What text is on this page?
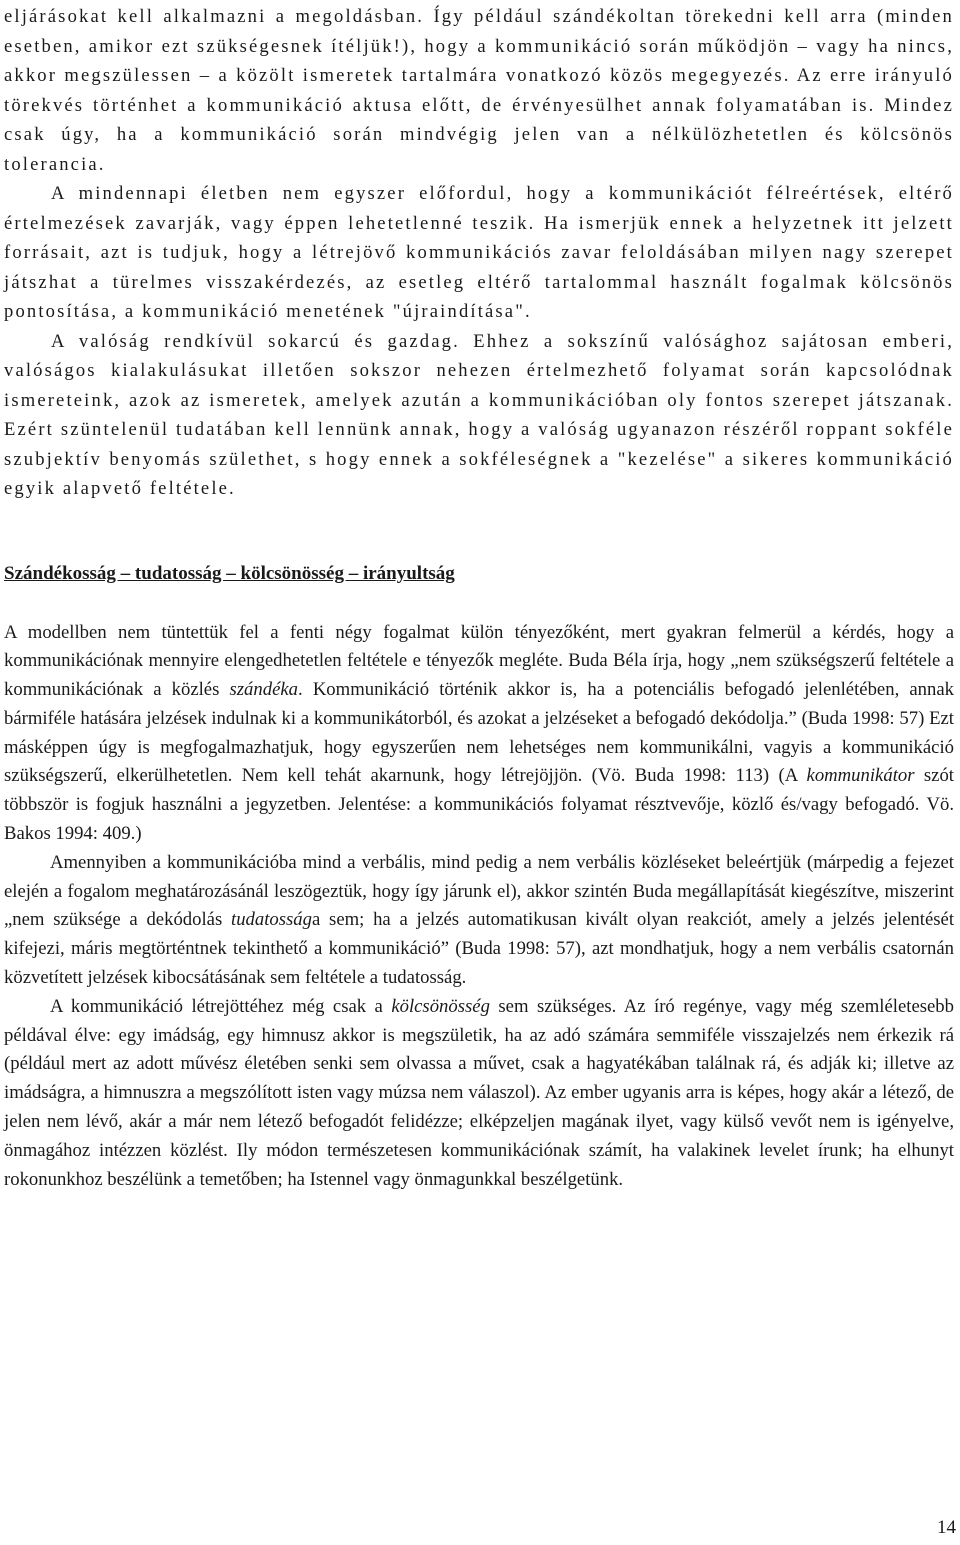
eljárásokat kell alkalmazni a megoldásban. Így például szándékoltan törekedni kell arra (minden esetben, amikor ezt szükségesnek ítéljük!), hogy a kommunikáció során működjön – vagy ha nincs, akkor megszülessen – a közölt ismeretek tartalmára vonatkozó közös megegyezés. Az erre irányuló törekvés történhet a kommunikáció aktusa előtt, de érvényesülhet annak folyamatában is. Mindez csak úgy, ha a kommunikáció során mindvégig jelen van a nélkülözhetetlen és kölcsönös tolerancia.

A mindennapi életben nem egyszer előfordul, hogy a kommunikációt félreértések, eltérő értelmezések zavarják, vagy éppen lehetetlenné teszik. Ha ismerjük ennek a helyzetnek itt jelzett forrásait, azt is tudjuk, hogy a létrejövő kommunikációs zavar feloldásában milyen nagy szerepet játszhat a türelmes visszakérdezés, az esetleg eltérő tartalommal használt fogalmak kölcsönös pontosítása, a kommunikáció menetének "újraindítása".

A valóság rendkívül sokarcú és gazdag. Ehhez a sokszínű valósághoz sajátosan emberi, valóságos kialakulásukat illetően sokszor nehezen értelmezhető folyamat során kapcsolódnak ismereteink, azok az ismeretek, amelyek azután a kommunikációban oly fontos szerepet játszanak. Ezért szüntelenül tudatában kell lennünk annak, hogy a valóság ugyanazon részéről roppant sokféle szubjektív benyomás születhet, s hogy ennek a sokféleségnek a "kezelése" a sikeres kommunikáció egyik alapvető feltétele.

Szándékosság – tudatosság – kölcsönösség – irányultság

A modellben nem tüntettük fel a fenti négy fogalmat külön tényezőként, mert gyakran felmerül a kérdés, hogy a kommunikációnak mennyire elengedhetetlen feltétele e tényezők megléte. Buda Béla írja, hogy „nem szükségszerű feltétele a kommunikációnak a közlés szándéka. Kommunikáció történik akkor is, ha a potenciális befogadó jelenlétében, annak bármiféle hatására jelzések indulnak ki a kommunikátorból, és azokat a jelzéseket a befogadó dekódolja.” (Buda 1998: 57) Ezt másképpen úgy is megfogalmazhatjuk, hogy egyszerűen nem lehetséges nem kommunikálni, vagyis a kommunikáció szükségszerű, elkerülhetetlen. Nem kell tehát akarnunk, hogy létrejöjjön. (Vö. Buda 1998: 113) (A kommunikátor szót többször is fogjuk használni a jegyzetben. Jelentése: a kommunikációs folyamat résztvevője, közlő és/vagy befogadó. Vö. Bakos 1994: 409.)

Amennyiben a kommunikációba mind a verbális, mind pedig a nem verbális közléseket beleértjük (márpedig a fejezet elején a fogalom meghatározásánál leszögeztük, hogy így járunk el), akkor szintén Buda megállapítását kiegészítve, miszerint „nem szüksége a dekódolás tudatossága sem; ha a jelzés automatikusan kivált olyan reakciót, amely a jelzés jelentését kifejezi, máris megtörténtnek tekinthető a kommunikáció” (Buda 1998: 57), azt mondhatjuk, hogy a nem verbális csatornán közvetített jelzések kibocsátásának sem feltétele a tudatosság.

A kommunikáció létrejöttéhez még csak a kölcsönösség sem szükséges. Az író regénye, vagy még szemléletesebb példával élve: egy imádság, egy himnusz akkor is megszületik, ha az adó számára semmiféle visszajelzés nem érkezik rá (például mert az adott művész életében senki sem olvassa a művet, csak a hagyatékában találnak rá, és adják ki; illetve az imádságra, a himnuszra a megszólított isten vagy múzsa nem válaszol). Az ember ugyanis arra is képes, hogy akár a létező, de jelen nem lévő, akár a már nem létező befogadót felidézze; elképzeljen magának ilyet, vagy külső vevőt nem is igényelve, önmagához intézzen közlést. Ily módon természetesen kommunikációnak számít, ha valakinek levelet írunk; ha elhunyt rokonunkhoz beszélünk a temetőben; ha Istennel vagy önmagunkkal beszélgetünk.

14
